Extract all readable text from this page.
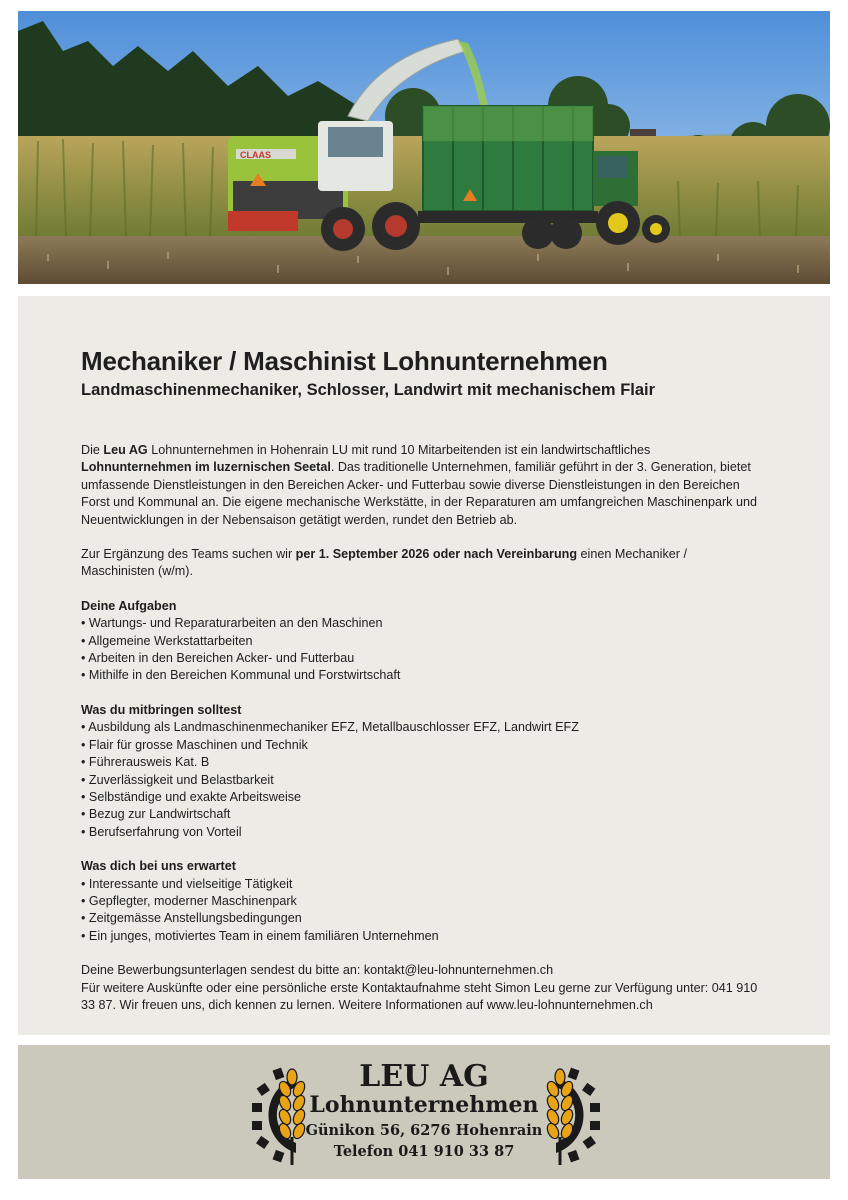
CLAAS
Mechaniker / Maschinist Lohnunternehmen
Landmaschinenmechaniker, Schlosser, Landwirt mit mechanischem Flair

Die Leu AG Lohnunternehmen in Hohenrain LU mit rund 10 Mitarbeitenden ist ein landwirtschaftliches Lohnunternehmen im luzernischen Seetal. Das traditionelle Unternehmen, familiär geführt in der 3. Generation, bietet umfassende Dienstleistungen in den Bereichen Acker- und Futterbau sowie diverse Dienstleistungen in den Bereichen Forst und Kommunal an. Die eigene mechanische Werkstätte, in der Reparaturen am umfangreichen Maschinenpark und Neuentwicklungen in der Nebensaison getätigt werden, rundet den Betrieb ab.

Zur Ergänzung des Teams suchen wir per 1. September 2026 oder nach Vereinbarung einen Mechaniker / Maschinisten (w/m).

Deine Aufgaben
• Wartungs- und Reparaturarbeiten an den Maschinen
• Allgemeine Werkstattarbeiten
• Arbeiten in den Bereichen Acker- und Futterbau
• Mithilfe in den Bereichen Kommunal und Forstwirtschaft
Was du mitbringen solltest
• Ausbildung als Landmaschinenmechaniker EFZ, Metallbauschlosser EFZ, Landwirt EFZ
• Flair für grosse Maschinen und Technik
• Führerausweis Kat. B
• Zuverlässigkeit und Belastbarkeit
• Selbständige und exakte Arbeitsweise
• Bezug zur Landwirtschaft
• Berufserfahrung von Vorteil
Was dich bei uns erwartet
• Interessante und vielseitige Tätigkeit
• Gepflegter, moderner Maschinenpark
• Zeitgemässe Anstellungsbedingungen
• Ein junges, motiviertes Team in einem familiären Unternehmen

Deine Bewerbungsunterlagen sendest du bitte an: kontakt@leu-lohnunternehmen.ch

Für weitere Auskünfte oder eine persönliche erste Kontaktaufnahme steht Simon Leu gerne zur Verfügung unter: 041 910 33 87. Wir freuen uns, dich kennen zu lernen. Weitere Informationen auf www.leu-lohnunternehmen.ch

LEU AG
Lohnunternehmen
Günikon 56, 6276 Hohenrain
Telefon 041 910 33 87
